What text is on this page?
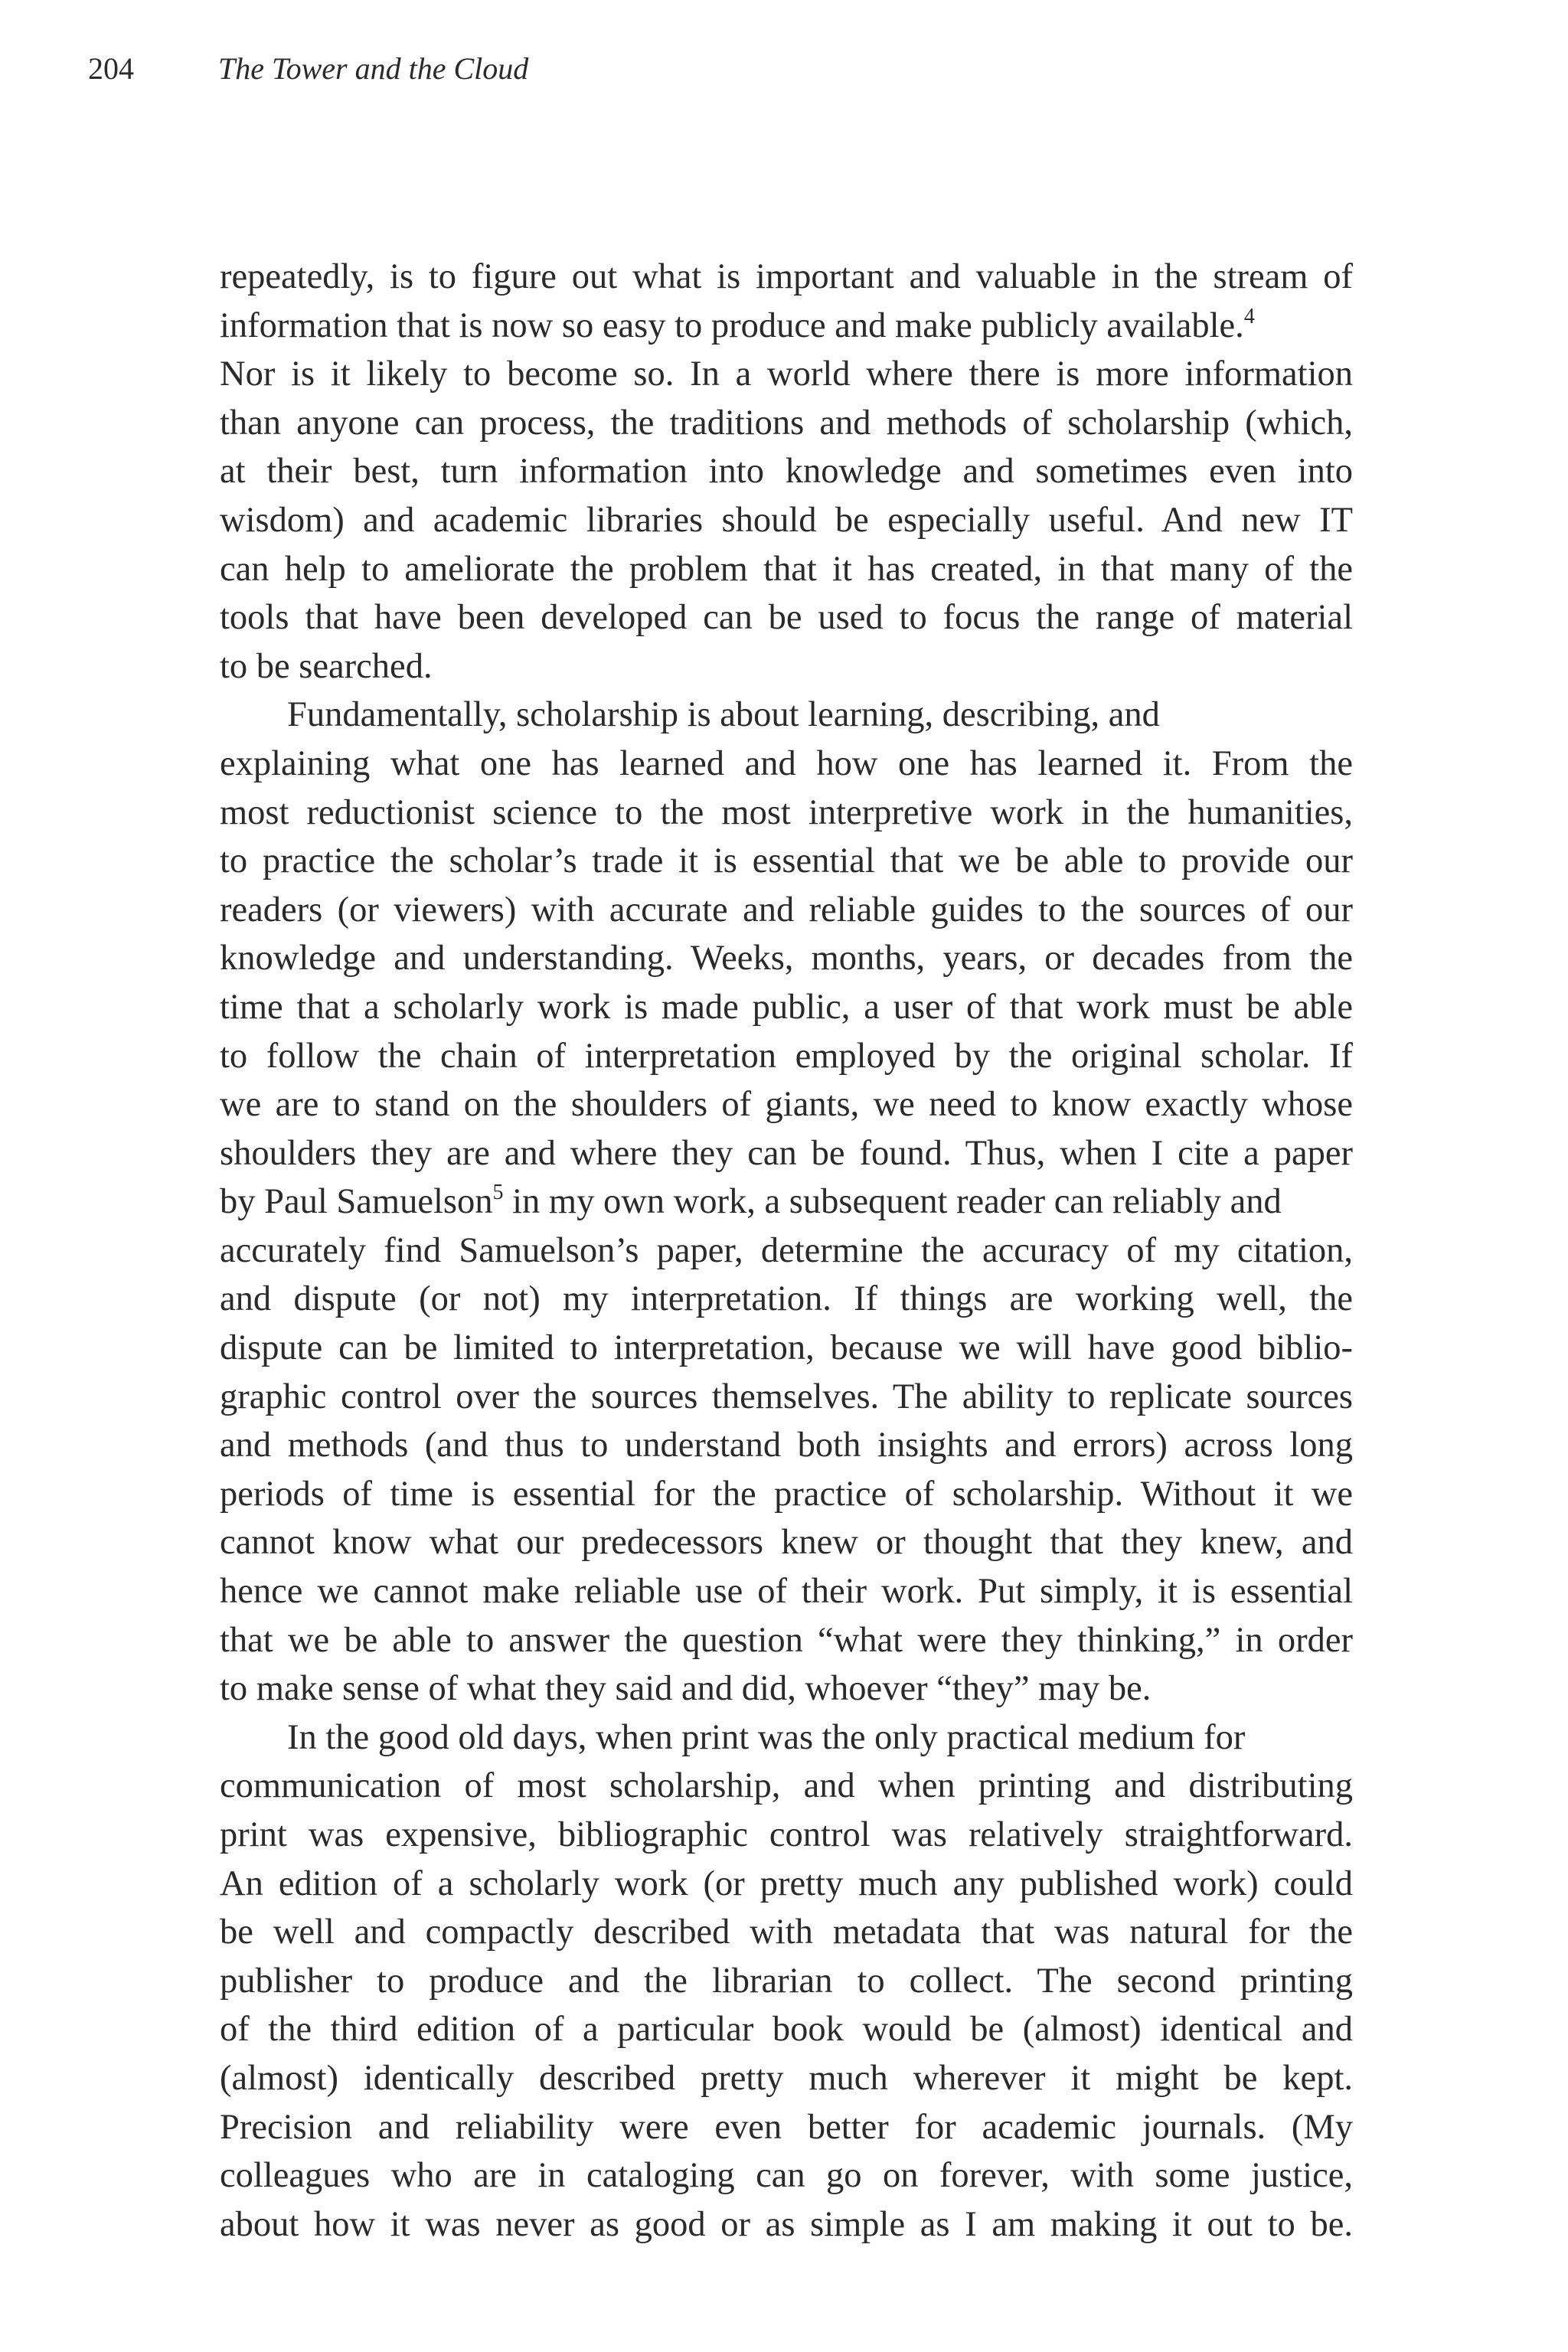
204	The Tower and the Cloud
repeatedly, is to figure out what is important and valuable in the stream of
information that is now so easy to produce and make publicly available.$^4$
Nor is it likely to become so. In a world where there is more information
than anyone can process, the traditions and methods of scholarship (which,
at their best, turn information into knowledge and sometimes even into
wisdom) and academic libraries should be especially useful. And new IT
can help to ameliorate the problem that it has created, in that many of the
tools that have been developed can be used to focus the range of material
to be searched.
Fundamentally, scholarship is about learning, describing, and
explaining what one has learned and how one has learned it. From the
most reductionist science to the most interpretive work in the humanities,
to practice the scholar’s trade it is essential that we be able to provide our
readers (or viewers) with accurate and reliable guides to the sources of our
knowledge and understanding. Weeks, months, years, or decades from the
time that a scholarly work is made public, a user of that work must be able
to follow the chain of interpretation employed by the original scholar. If
we are to stand on the shoulders of giants, we need to know exactly whose
shoulders they are and where they can be found. Thus, when I cite a paper
by Paul Samuelson$^5$ in my own work, a subsequent reader can reliably and
accurately find Samuelson’s paper, determine the accuracy of my citation,
and dispute (or not) my interpretation. If things are working well, the
dispute can be limited to interpretation, because we will have good biblio-
graphic control over the sources themselves. The ability to replicate sources
and methods (and thus to understand both insights and errors) across long
periods of time is essential for the practice of scholarship. Without it we
cannot know what our predecessors knew or thought that they knew, and
hence we cannot make reliable use of their work. Put simply, it is essential
that we be able to answer the question “what were they thinking,” in order
to make sense of what they said and did, whoever “they” may be.
In the good old days, when print was the only practical medium for
communication of most scholarship, and when printing and distributing
print was expensive, bibliographic control was relatively straightforward.
An edition of a scholarly work (or pretty much any published work) could
be well and compactly described with metadata that was natural for the
publisher to produce and the librarian to collect. The second printing
of the third edition of a particular book would be (almost) identical and
(almost) identically described pretty much wherever it might be kept.
Precision and reliability were even better for academic journals. (My
colleagues who are in cataloging can go on forever, with some justice,
about how it was never as good or as simple as I am making it out to be.
